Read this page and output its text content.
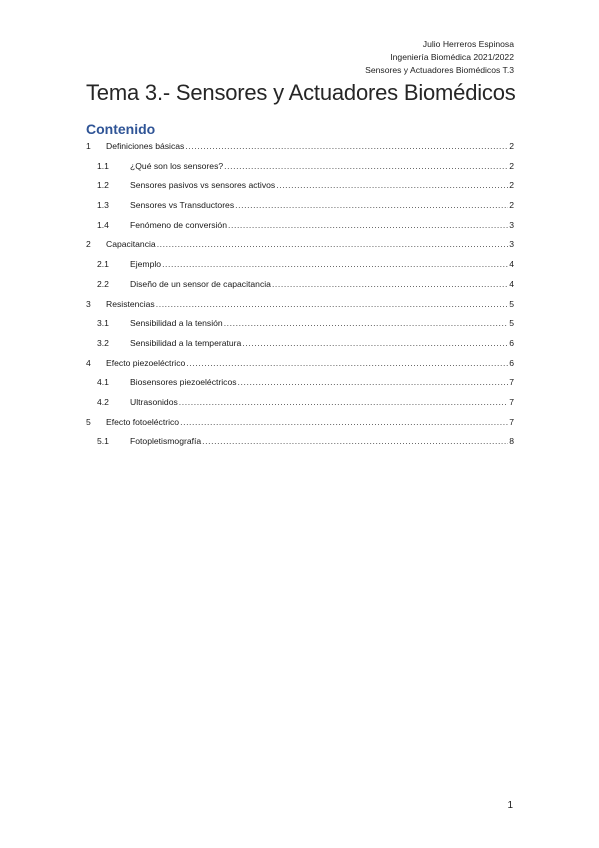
Julio Herreros Espinosa
Ingeniería Biomédica 2021/2022
Sensores y Actuadores Biomédicos T.3
Tema 3.- Sensores y Actuadores Biomédicos
Contenido
1	Definiciones básicas .....	2
1.1	¿Qué son los sensores? .....	2
1.2	Sensores pasivos vs sensores activos .....	2
1.3	Sensores vs Transductores .....	2
1.4	Fenómeno de conversión .....	3
2	Capacitancia .....	3
2.1	Ejemplo .....	4
2.2	Diseño de un sensor de capacitancia .....	4
3	Resistencias .....	5
3.1	Sensibilidad a la tensión .....	5
3.2	Sensibilidad a la temperatura .....	6
4	Efecto piezoeléctrico .....	6
4.1	Biosensores piezoeléctricos .....	7
4.2	Ultrasonidos .....	7
5	Efecto fotoeléctrico .....	7
5.1	Fotopletismografía .....	8
1
